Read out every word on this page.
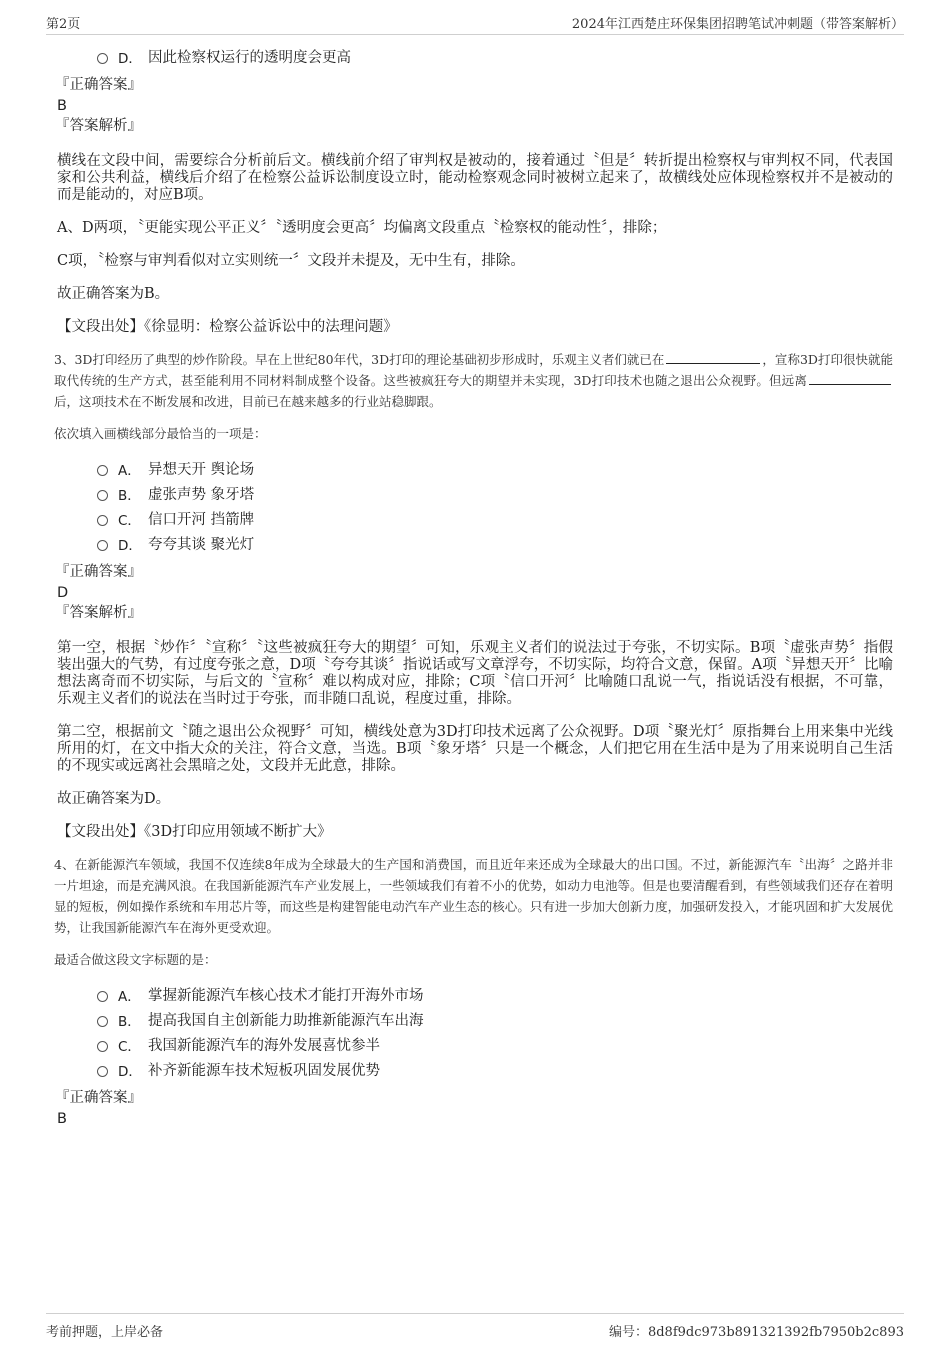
第2页	2024年江西楚庄环保集团招聘笔试冲刺题（带答案解析）
D． 因此检察权运行的透明度会更高
『正确答案』
B
『答案解析』

横线在文段中间，需要综合分析前后文。横线前介绍了审判权是被动的，接着通过〝但是〞转折提出检察权与审判权不同，代表国家和公共利益，横线后介绍了在检察公益诉讼制度设立时，能动检察观念同时被树立起来了，故横线处应体现检察权并不是被动的而是能动的，对应B项。

A、D两项，〝更能实现公平正义〞〝透明度会更高〞均偏离文段重点〝检察权的能动性〞，排除；

C项，〝检察与审判看似对立实则统一〞文段并未提及，无中生有，排除。

故正确答案为B。

【文段出处】《徐显明：检察公益诉讼中的法理问题》
3、3D打印经历了典型的炒作阶段。早在上世纪80年代，3D打印的理论基础初步形成时，乐观主义者们就已在	，宣称3D打印很快就能取代传统的生产方式，甚至能利用不同材料制成整个设备。这些被疯狂夸大的期望并未实现，3D打印技术也随之退出公众视野。但远离后，这项技术在不断发展和改进，目前已在越来越多的行业站稳脚跟。
依次填入画横线部分最恰当的一项是：
A． 异想天开 舆论场
B． 虚张声势 象牙塔
C． 信口开河 挡箭牌
D． 夸夸其谈 聚光灯
『正确答案』
D
『答案解析』

第一空，根据〝炒作〞〝宣称〞〝这些被疯狂夸大的期望〞可知，乐观主义者们的说法过于夸张，不切实际。B项〝虚张声势〞指假装出强大的气势，有过度夸张之意，D项〝夸夸其谈〞指说话或写文章浮夸，不切实际，均符合文意，保留。A项〝异想天开〞比喻想法离奇而不切实际，与后文的〝宣称〞难以构成对应，排除；C项〝信口开河〞比喻随口乱说一气，指说话没有根据，不可靠，乐观主义者们的说法在当时过于夸张，而非随口乱说，程度过重，排除。

第二空，根据前文〝随之退出公众视野〞可知，横线处意为3D打印技术远离了公众视野。D项〝聚光灯〞原指舞台上用来集中光线所用的灯，在文中指大众的关注，符合文意，当选。B项〝象牙塔〞只是一个概念，人们把它用在生活中是为了用来说明自己生活的不现实或远离社会黑暗之处，文段并无此意，排除。

故正确答案为D。

【文段出处】《3D打印应用领域不断扩大》
4、在新能源汽车领域，我国不仅连续8年成为全球最大的生产国和消费国，而且近年来还成为全球最大的出口国。不过，新能源汽车〝出海〞之路并非一片坦途，而是充满风浪。在我国新能源汽车产业发展上，一些领域我们有着不小的优势，如动力电池等。但是也要清醒看到，有些领域我们还存在着明显的短板，例如操作系统和车用芯片等，而这些是构建智能电动汽车产业生态的核心。只有进一步加大创新力度，加强研发投入，才能巩固和扩大发展优势，让我国新能源汽车在海外更受欢迎。
最适合做这段文字标题的是：
A． 掌握新能源汽车核心技术才能打开海外市场
B． 提高我国自主创新能力助推新能源汽车出海
C． 我国新能源汽车的海外发展喜忧参半
D． 补齐新能源车技术短板巩固发展优势
『正确答案』
B
考前押题，上岸必备	编号：8d8f9dc973b891321392fb7950b2c893
